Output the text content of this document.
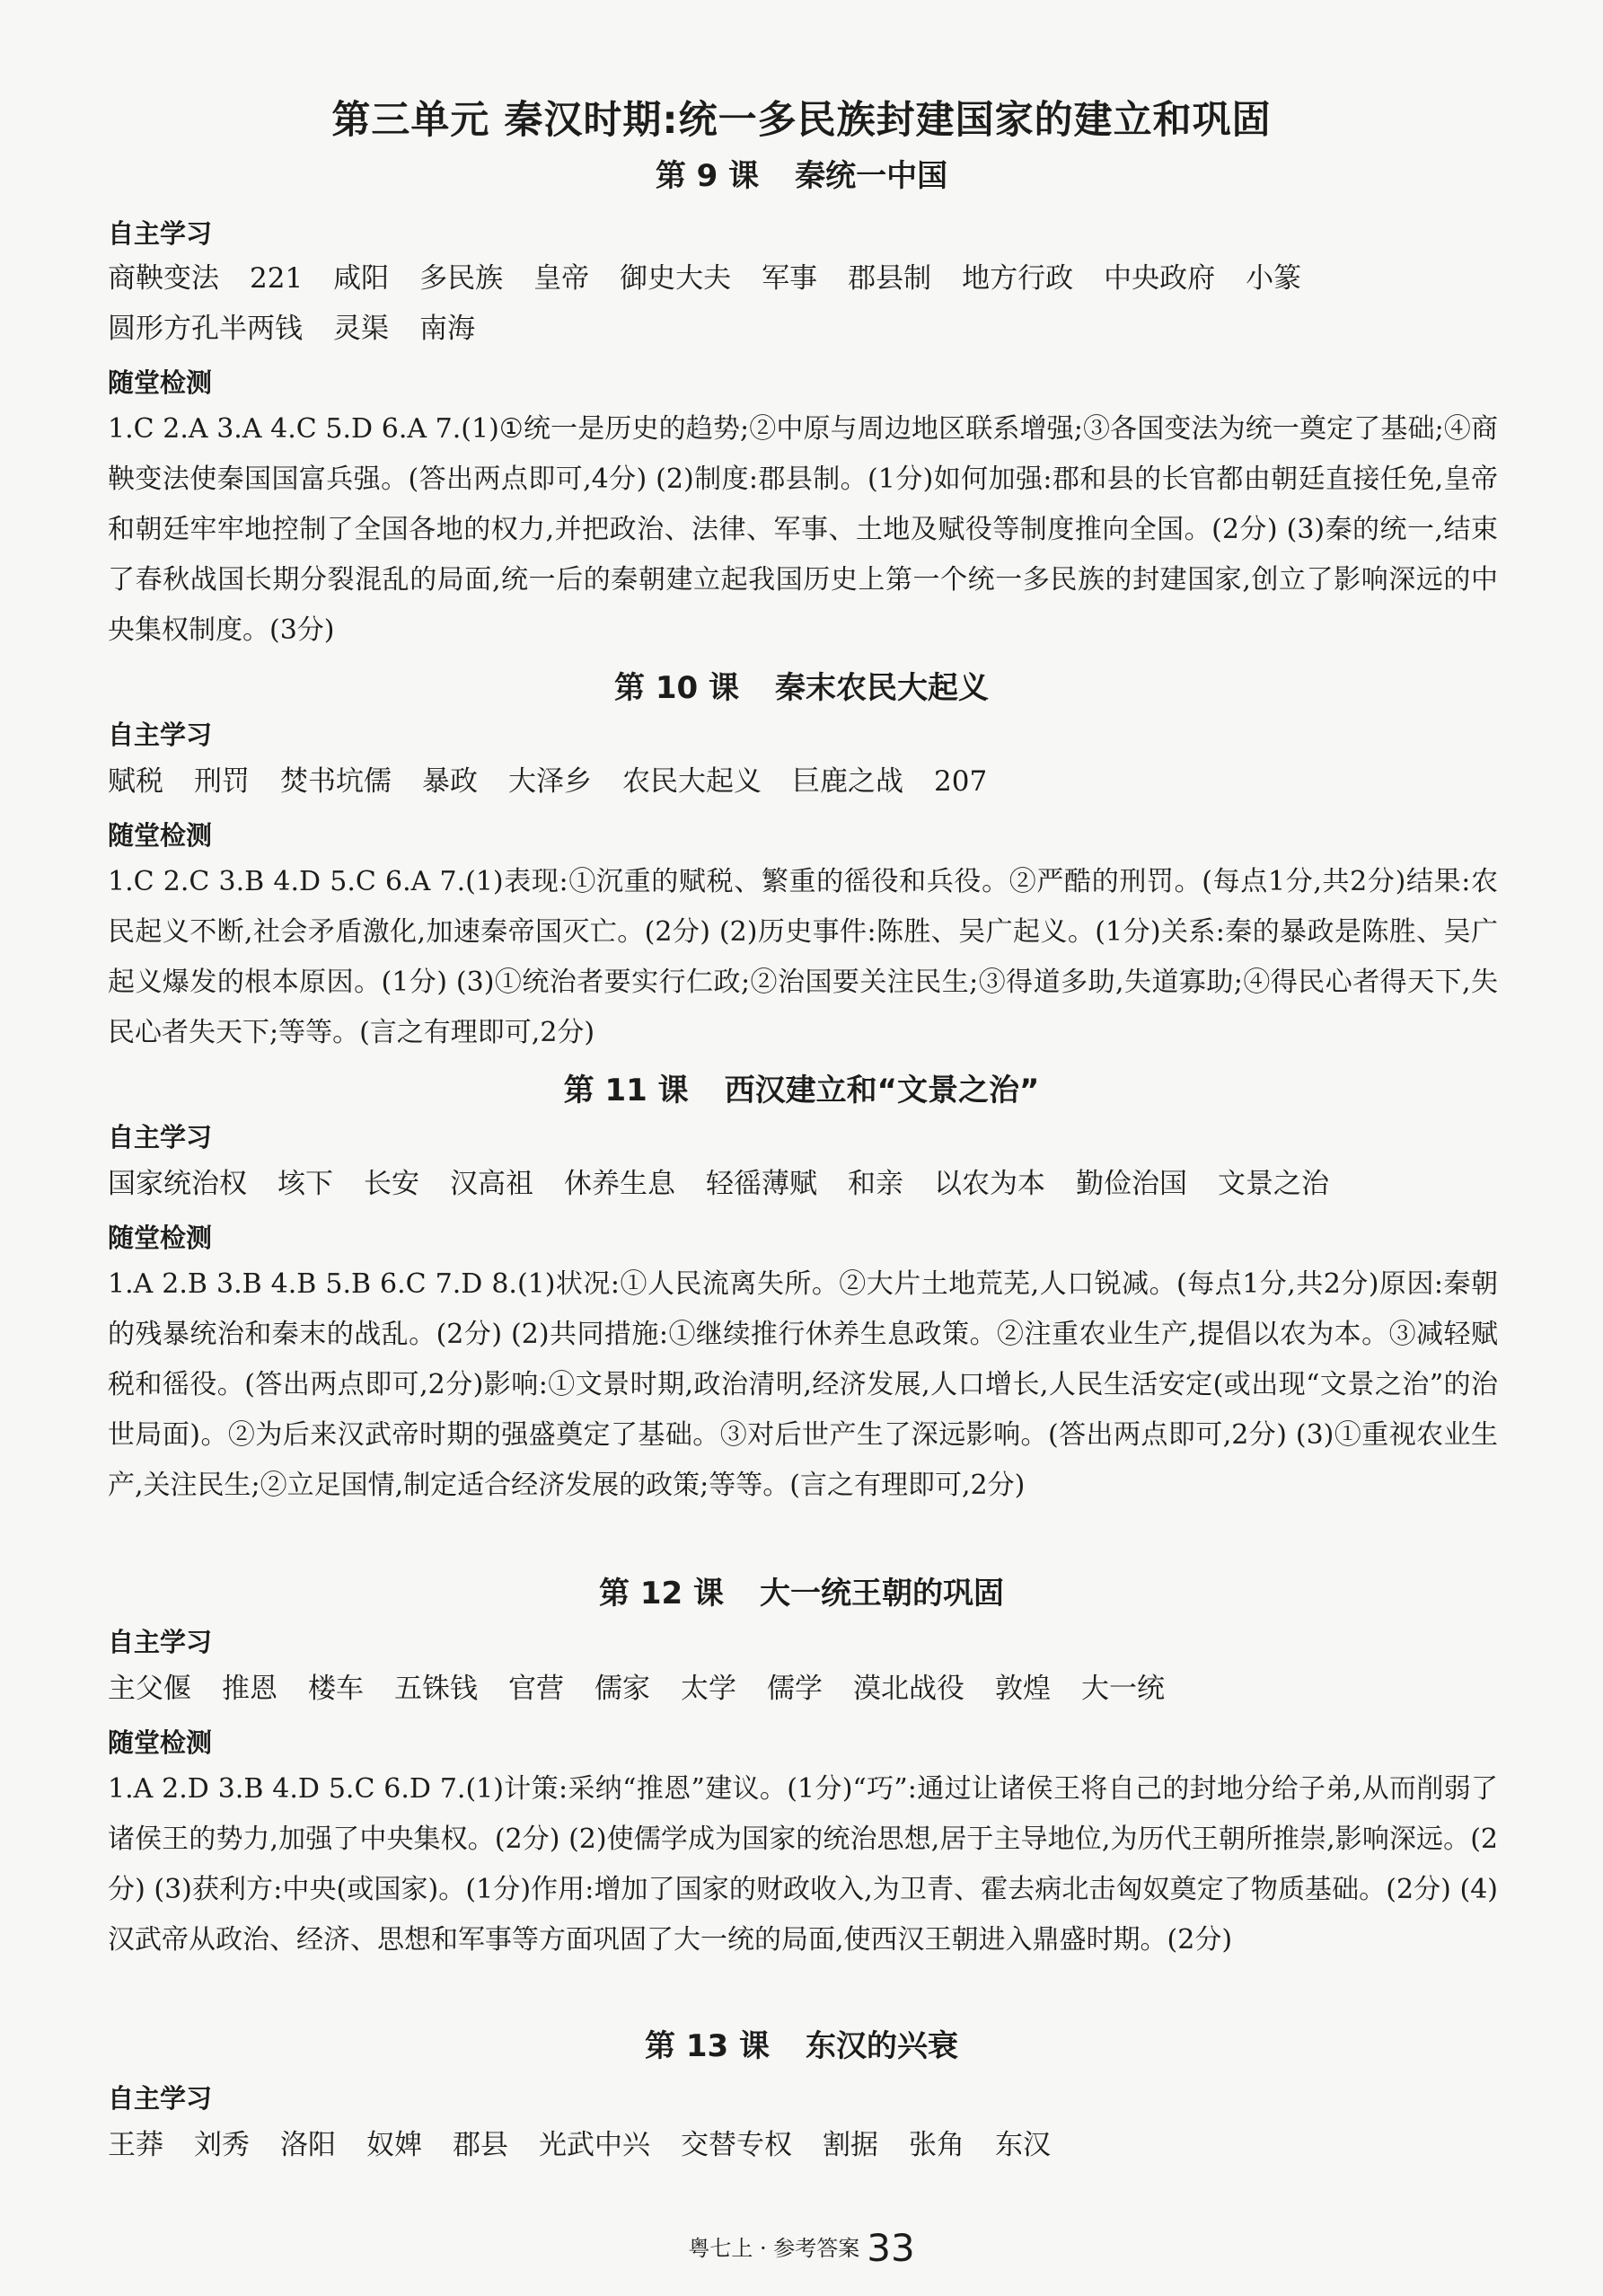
第三单元 秦汉时期:统一多民族封建国家的建立和巩固
第 9 课 秦统一中国
自主学习
商鞅变法 221 咸阳 多民族 皇帝 御史大夫 军事 郡县制 地方行政 中央政府 小篆圆形方孔半两钱 灵渠 南海
随堂检测
1.C 2.A 3.A 4.C 5.D 6.A 7.(1)①统一是历史的趋势;②中原与周边地区联系增强;③各国变法为统一奠定了基础;④商鞅变法使秦国国富兵强。(答出两点即可,4分) (2)制度:郡县制。(1分)如何加强:郡和县的长官都由朝廷直接任免,皇帝和朝廷牢牢地控制了全国各地的权力,并把政治、法律、军事、土地及赋役等制度推向全国。(2分) (3)秦的统一,结束了春秋战国长期分裂混乱的局面,统一后的秦朝建立起我国历史上第一个统一多民族的封建国家,创立了影响深远的中央集权制度。(3分)
第 10 课 秦末农民大起义
自主学习
赋税 刑罚 焚书坑儒 暴政 大泽乡 农民大起义 巨鹿之战 207
随堂检测
1.C 2.C 3.B 4.D 5.C 6.A 7.(1)表现:①沉重的赋税、繁重的徭役和兵役。②严酷的刑罚。(每点1分,共2分)结果:农民起义不断,社会矛盾激化,加速秦帝国灭亡。(2分) (2)历史事件:陈胜、吴广起义。(1分)关系:秦的暴政是陈胜、吴广起义爆发的根本原因。(1分) (3)①统治者要实行仁政;②治国要关注民生;③得道多助,失道寡助;④得民心者得天下,失民心者失天下;等等。(言之有理即可,2分)
第 11 课 西汉建立和“文景之治”
自主学习
国家统治权 垓下 长安 汉高祖 休养生息 轻徭薄赋 和亲 以农为本 勤俭治国 文景之治
随堂检测
1.A 2.B 3.B 4.B 5.B 6.C 7.D 8.(1)状况:①人民流离失所。②大片土地荒芜,人口锐减。(每点1分,共2分)原因:秦朝的残暴统治和秦末的战乱。(2分) (2)共同措施:①继续推行休养生息政策。②注重农业生产,提倡以农为本。③减轻赋税和徭役。(答出两点即可,2分)影响:①文景时期,政治清明,经济发展,人口增长,人民生活安定(或出现“文景之治”的治世局面)。②为后来汉武帝时期的强盛奠定了基础。③对后世产生了深远影响。(答出两点即可,2分) (3)①重视农业生产,关注民生;②立足国情,制定适合经济发展的政策;等等。(言之有理即可,2分)
第 12 课 大一统王朝的巩固
自主学习
主父偃 推恩 楼车 五铢钱 官营 儒家 太学 儒学 漠北战役 敦煌 大一统
随堂检测
1.A 2.D 3.B 4.D 5.C 6.D 7.(1)计策:采纳“推恩”建议。(1分)“巧”:通过让诸侯王将自己的封地分给子弟,从而削弱了诸侯王的势力,加强了中央集权。(2分) (2)使儒学成为国家的统治思想,居于主导地位,为历代王朝所推崇,影响深远。(2分) (3)获利方:中央(或国家)。(1分)作用:增加了国家的财政收入,为卫青、霍去病北击匈奴奠定了物质基础。(2分) (4)汉武帝从政治、经济、思想和军事等方面巩固了大一统的局面,使西汉王朝进入鼎盛时期。(2分)
第 13 课 东汉的兴衰
自主学习
王莽 刘秀 洛阳 奴婢 郡县 光武中兴 交替专权 割据 张角 东汉
粤七上 · 参考答案 33
